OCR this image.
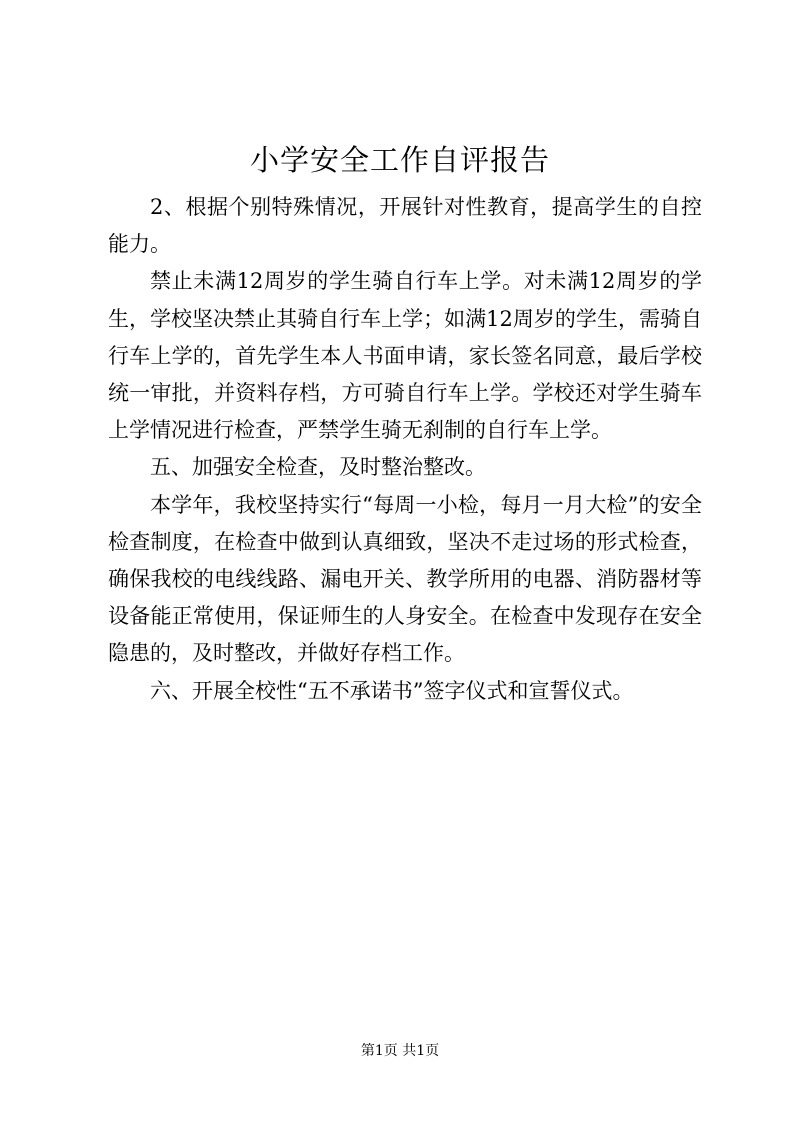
小学安全工作自评报告

2、根据个别特殊情况，开展针对性教育，提高学生的自控能力。

禁止未满12周岁的学生骑自行车上学。对未满12周岁的学生，学校坚决禁止其骑自行车上学；如满12周岁的学生，需骑自行车上学的，首先学生本人书面申请，家长签名同意，最后学校统一审批，并资料存档，方可骑自行车上学。学校还对学生骑车上学情况进行检查，严禁学生骑无刹制的自行车上学。

五、加强安全检查，及时整治整改。

本学年，我校坚持实行“每周一小检，每月一月大检”的安全检查制度，在检查中做到认真细致，坚决不走过场的形式检查，确保我校的电线线路、漏电开关、教学所用的电器、消防器材等设备能正常使用，保证师生的人身安全。在检查中发现存在安全隐患的，及时整改，并做好存档工作。

六、开展全校性“五不承诺书”签字仪式和宣誓仪式。

第1页 共1页
